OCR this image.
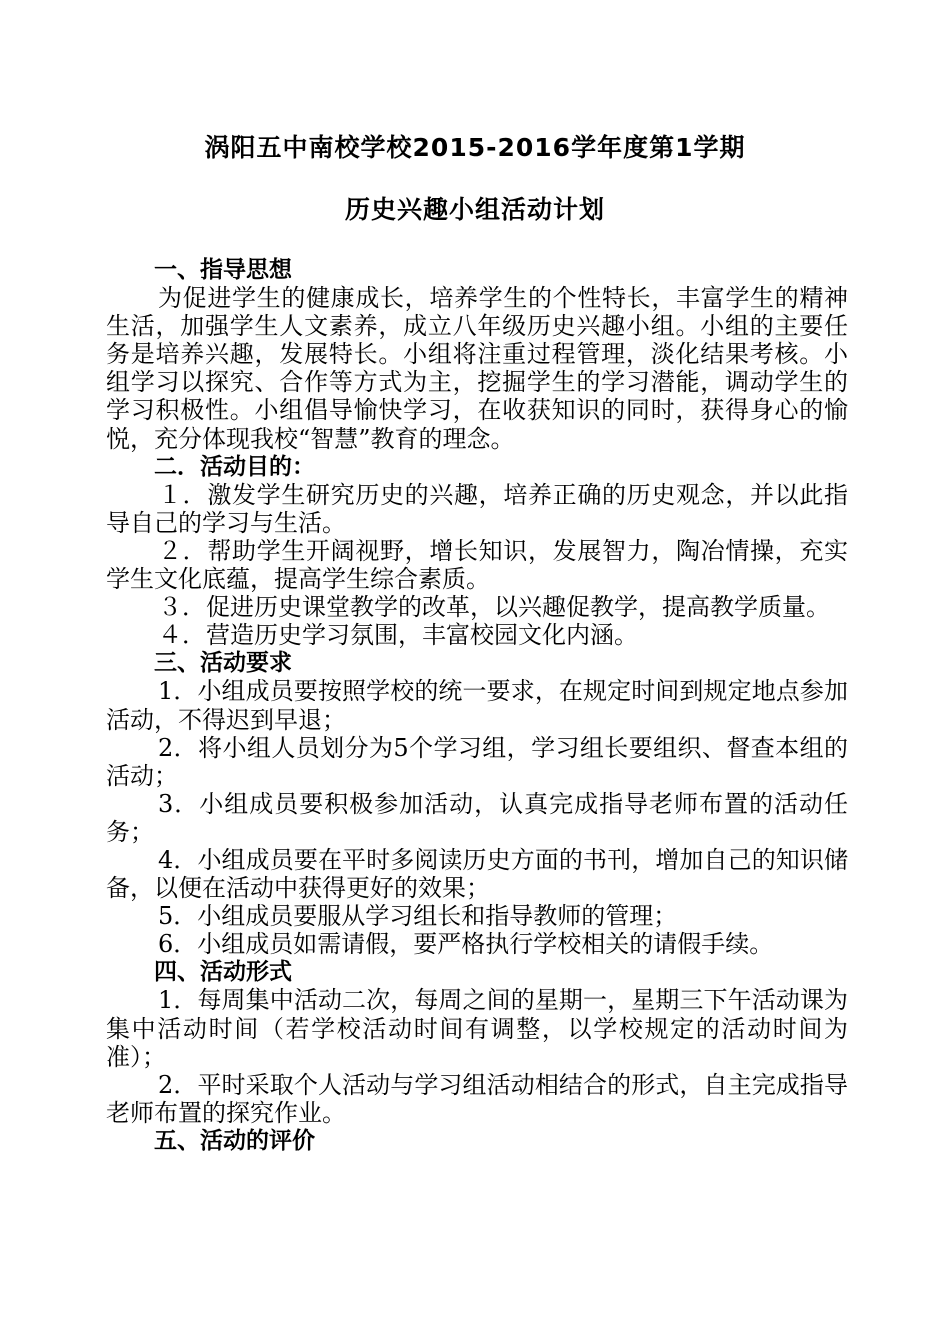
涡阳五中南校学校2015-2016学年度第1学期
历史兴趣小组活动计划
一、指导思想
为促进学生的健康成长，培养学生的个性特长，丰富学生的精神生活，加强学生人文素养，成立八年级历史兴趣小组。小组的主要任务是培养兴趣，发展特长。小组将注重过程管理，淡化结果考核。小组学习以探究、合作等方式为主，挖掘学生的学习潜能，调动学生的学习积极性。小组倡导愉快学习，在收获知识的同时，获得身心的愉悦，充分体现我校“智慧”教育的理念。
二．活动目的：
１．激发学生研究历史的兴趣，培养正确的历史观念，并以此指导自己的学习与生活。
２．帮助学生开阔视野，增长知识，发展智力，陶冶情操，充实学生文化底蕴，提高学生综合素质。
３．促进历史课堂教学的改革，以兴趣促教学，提高教学质量。
４．营造历史学习氛围，丰富校园文化内涵。
三、活动要求
1．小组成员要按照学校的统一要求，在规定时间到规定地点参加活动，不得迟到早退；
2．将小组人员划分为5个学习组，学习组长要组织、督查本组的活动；
3．小组成员要积极参加活动，认真完成指导老师布置的活动任务；
4．小组成员要在平时多阅读历史方面的书刊，增加自己的知识储备，以便在活动中获得更好的效果；
5．小组成员要服从学习组长和指导教师的管理；
6．小组成员如需请假，要严格执行学校相关的请假手续。
四、活动形式
1．每周集中活动二次，每周之间的星期一，星期三下午活动课为集中活动时间（若学校活动时间有调整，以学校规定的活动时间为准）；
2．平时采取个人活动与学习组活动相结合的形式，自主完成指导老师布置的探究作业。
五、活动的评价
